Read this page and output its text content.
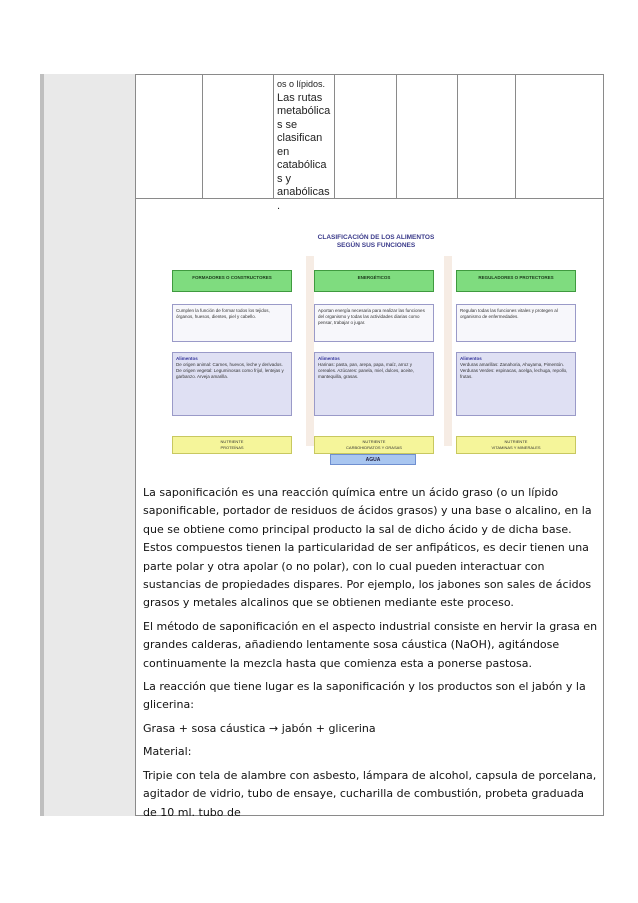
os o lípidos.
Las rutas
metabólica
s se
clasifican
en
catabólica
s y
anabólicas
.
CLASIFICACIÓN DE LOS ALIMENTOS
SEGÚN SUS FUNCIONES
FORMADORES O CONSTRUCTORES
Cumplen la función de formar todos los tejidos, órganos, huesos, dientes, piel y cabello.
Alimentos
De origen animal: Carnes, huevos, leche y derivados. De origen vegetal: Leguminosas como frijol, lentejas y garbanzo. Arveja amarilla.
NUTRIENTE
PROTEÍNAS
ENERGÉTICOS
Aportan energía necesaria para realizar las funciones del organismo y todas las actividades diarias como pensar, trabajar o jugar.
Alimentos
Harinas: pasta, pan, arepa, papa, maíz, arroz y cereales. Azúcares: panela, miel, dulces, aceite, mantequilla, grasas.
NUTRIENTE
CARBOHIDRATOS Y GRASAS
REGULADORES O PROTECTORES
Regulan todas las funciones vitales y protegen al organismo de enfermedades.
Alimentos
Verduras amarillas: Zanahoria, Ahuyama, Pimentón. Verduras Verdes: espinacas, acelga, lechuga, repollo, frutas.
NUTRIENTE
VITAMINAS Y MINERALES
AGUA

La saponificación es una reacción química entre un ácido graso (o un lípido saponificable, portador de residuos de ácidos grasos) y una base o alcalino, en la que se obtiene como principal producto la sal de dicho ácido y de dicha base. Estos compuestos tienen la particularidad de ser anfipáticos, es decir tienen una parte polar y otra apolar (o no polar), con lo cual pueden interactuar con sustancias de propiedades dispares. Por ejemplo, los jabones son sales de ácidos grasos y metales alcalinos que se obtienen mediante este proceso.

El método de saponificación en el aspecto industrial consiste en hervir la grasa en grandes calderas, añadiendo lentamente sosa cáustica (NaOH), agitándose continuamente la mezcla hasta que comienza esta a ponerse pastosa.

La reacción que tiene lugar es la saponificación y los productos son el jabón y la glicerina:

Grasa + sosa cáustica → jabón + glicerina

Material:

Tripie con tela de alambre con asbesto, lámpara de alcohol, capsula de porcelana, agitador de vidrio, tubo de ensaye, cucharilla de combustión, probeta graduada de 10 ml. tubo de
